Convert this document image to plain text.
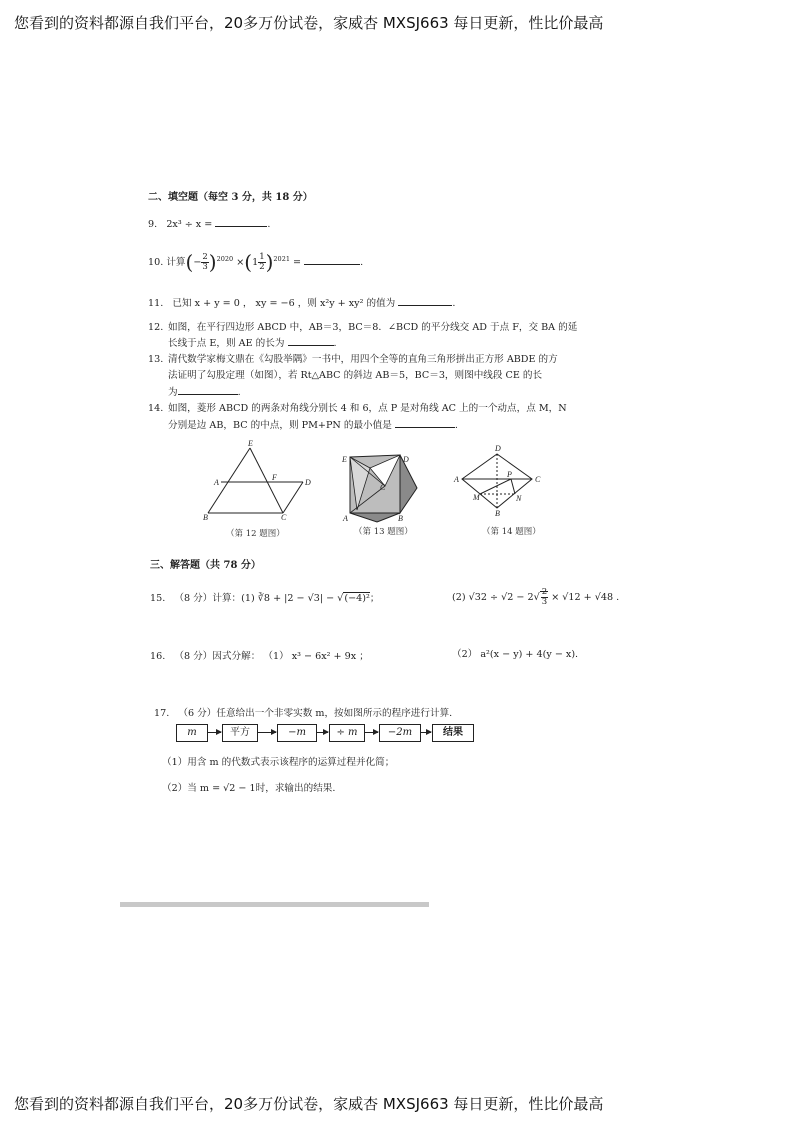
您看到的资料都源自我们平台，20多万份试卷，家威杏 MXSJ663 每日更新，性比价最高
二、填空题（每空 3 分，共 18 分）
9. 2x³ ÷ x =	.
10. 计算(− $\frac{2}{3} )^{2020} \times(1 \frac{1}{2} )^{2021}$ =	.
11. 已知 x + y = 0 ， xy = −6 ，则 x²y + xy² 的值为	.
12. 如图，在平行四边形 ABCD 中，AB＝3，BC＝8．∠BCD 的平分线交 AD 于点 F，交 BA 的延
长线于点 E，则 AE 的长为	.
13. 清代数学家梅文鼎在《勾股举隅》一书中，用四个全等的直角三角形拼出正方形 ABDE 的方
法证明了勾股定理（如图），若 Rt△ABC 的斜边 AB＝5，BC＝3，则图中线段 CE 的长
为	.
14. 如图，菱形 ABCD 的两条对角线分别长 4 和 6，点 P 是对角线 AC 上的一个动点，点 M，N
分别是边 AB，BC 的中点，则 PM+PN 的最小值是	.
E
A
F
D
B	C
E	D
C
A	B
D
A
P
C
M	N
B
（第 12 题图）	（第 13 题图）	（第 14 题图）
三、解答题（共 78 分）
15. （8 分）计算：(1) ∛8 + |2 − √3| − √(−4)²；	(2) $√32 \div √2 - 2√ \frac{2}{3} \times √12 + √48$ .
16. （8 分）因式分解： （1） x³ − 6x² + 9x ；	（2） a²(x − y) + 4(y − x).
17. （6 分）任意给出一个非零实数 m，按如图所示的程序进行计算.
m	平方	−m	÷ m	−2m	结果
（1）用含 m 的代数式表示该程序的运算过程并化简；
（2）当 m = √2 − 1时，求输出的结果.
您看到的资料都源自我们平台，20多万份试卷，家威杏 MXSJ663 每日更新，性比价最高
